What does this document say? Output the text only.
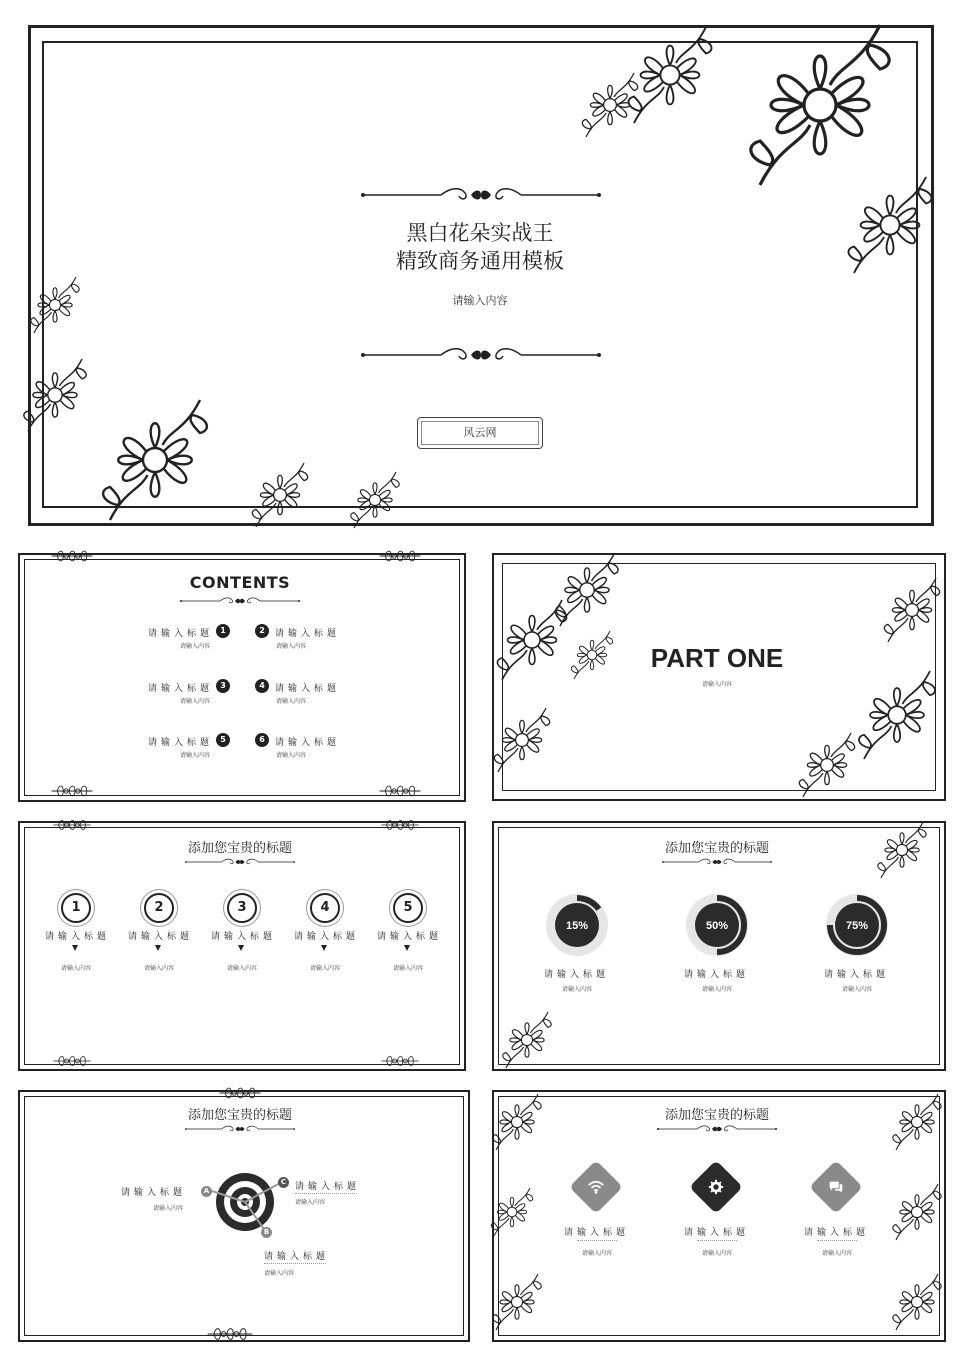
黑白花朵实战王
精致商务通用模板
请输入内容
风云网
CONTENTS
请输入标题 1
请输入内容
2	请输入标题
请输入内容
请输入标题 3
请输入内容
4	请输入标题
请输入内容
请输入标题 5
请输入内容
6	请输入标题
请输入内容
PART ONE
请输入内容
添加您宝贵的标题
1
请输入标题
请输入内容
2
请输入标题
请输入内容
3
请输入标题
请输入内容
4
请输入标题
请输入内容
5
请输入标题
请输入内容
添加您宝贵的标题
15%	50%	75%
请输入标题
请输入内容
请输入标题
请输入内容
请输入标题
请输入内容
添加您宝贵的标题
A
C
B
请输入标题
请输入内容
请输入标题
请输入内容
请输入标题
请输入内容
添加您宝贵的标题
请输入标题
请输入内容
请输入标题
请输入内容
请输入标题
请输入内容
